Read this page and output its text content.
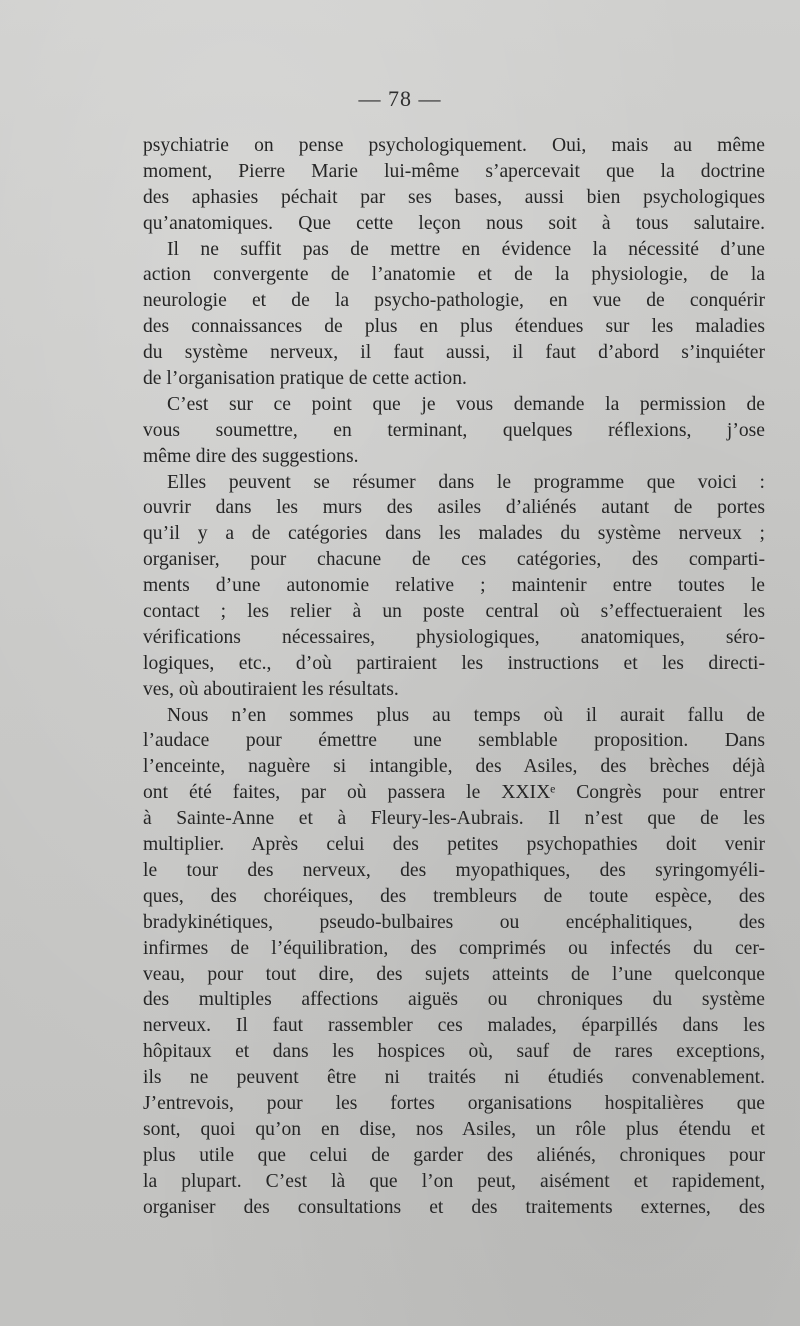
— 78 —
psychiatrie on pense psychologiquement. Oui, mais au même
moment, Pierre Marie lui-même s’apercevait que la doctrine
des aphasies péchait par ses bases, aussi bien psychologiques
qu’anatomiques. Que cette leçon nous soit à tous salutaire.
Il ne suffit pas de mettre en évidence la nécessité d’une
action convergente de l’anatomie et de la physiologie, de la
neurologie et de la psycho-pathologie, en vue de conquérir
des connaissances de plus en plus étendues sur les maladies
du système nerveux, il faut aussi, il faut d’abord s’inquiéter
de l’organisation pratique de cette action.
C’est sur ce point que je vous demande la permission de
vous soumettre, en terminant, quelques réflexions, j’ose
même dire des suggestions.
Elles peuvent se résumer dans le programme que voici :
ouvrir dans les murs des asiles d’aliénés autant de portes
qu’il y a de catégories dans les malades du système nerveux ;
organiser, pour chacune de ces catégories, des comparti-
ments d’une autonomie relative ; maintenir entre toutes le
contact ; les relier à un poste central où s’effectueraient les
vérifications nécessaires, physiologiques, anatomiques, séro-
logiques, etc., d’où partiraient les instructions et les directi-
ves, où aboutiraient les résultats.
Nous n’en sommes plus au temps où il aurait fallu de
l’audace pour émettre une semblable proposition. Dans
l’enceinte, naguère si intangible, des Asiles, des brèches déjà
ont été faites, par où passera le XXIXᵉ Congrès pour entrer
à Sainte-Anne et à Fleury-les-Aubrais. Il n’est que de les
multiplier. Après celui des petites psychopathies doit venir
le tour des nerveux, des myopathiques, des syringomyéli-
ques, des choréiques, des trembleurs de toute espèce, des
bradykinétiques, pseudo-bulbaires ou encéphalitiques, des
infirmes de l’équilibration, des comprimés ou infectés du cer-
veau, pour tout dire, des sujets atteints de l’une quelconque
des multiples affections aiguës ou chroniques du système
nerveux. Il faut rassembler ces malades, éparpillés dans les
hôpitaux et dans les hospices où, sauf de rares exceptions,
ils ne peuvent être ni traités ni étudiés convenablement.
J’entrevois, pour les fortes organisations hospitalières que
sont, quoi qu’on en dise, nos Asiles, un rôle plus étendu et
plus utile que celui de garder des aliénés, chroniques pour
la plupart. C’est là que l’on peut, aisément et rapidement,
organiser des consultations et des traitements externes, des
